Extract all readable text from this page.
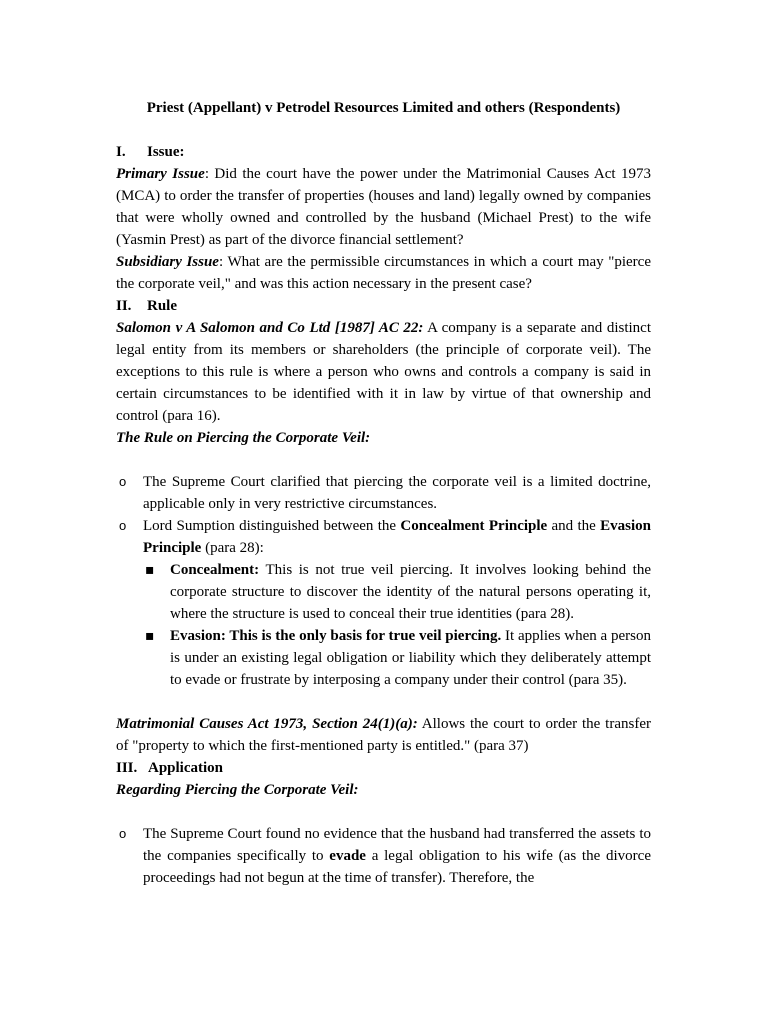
Priest (Appellant) v Petrodel Resources Limited and others (Respondents)
I. Issue:

Primary Issue: Did the court have the power under the Matrimonial Causes Act 1973 (MCA) to order the transfer of properties (houses and land) legally owned by companies that were wholly owned and controlled by the husband (Michael Prest) to the wife (Yasmin Prest) as part of the divorce financial settlement?

Subsidiary Issue: What are the permissible circumstances in which a court may "pierce the corporate veil," and was this action necessary in the present case?

II. Rule

Salomon v A Salomon and Co Ltd [1987] AC 22: A company is a separate and distinct legal entity from its members or shareholders (the principle of corporate veil). The exceptions to this rule is where a person who owns and controls a company is said in certain circumstances to be identified with it in law by virtue of that ownership and control (para 16).

The Rule on Piercing the Corporate Veil:

o The Supreme Court clarified that piercing the corporate veil is a limited doctrine, applicable only in very restrictive circumstances.
o Lord Sumption distinguished between the Concealment Principle and the Evasion Principle (para 28):
▪ Concealment: This is not true veil piercing. It involves looking behind the corporate structure to discover the identity of the natural persons operating it, where the structure is used to conceal their true identities (para 28).
▪ Evasion: This is the only basis for true veil piercing. It applies when a person is under an existing legal obligation or liability which they deliberately attempt to evade or frustrate by interposing a company under their control (para 35).

Matrimonial Causes Act 1973, Section 24(1)(a): Allows the court to order the transfer of "property to which the first-mentioned party is entitled." (para 37)

III. Application

Regarding Piercing the Corporate Veil:

o The Supreme Court found no evidence that the husband had transferred the assets to the companies specifically to evade a legal obligation to his wife (as the divorce proceedings had not begun at the time of transfer). Therefore, the
